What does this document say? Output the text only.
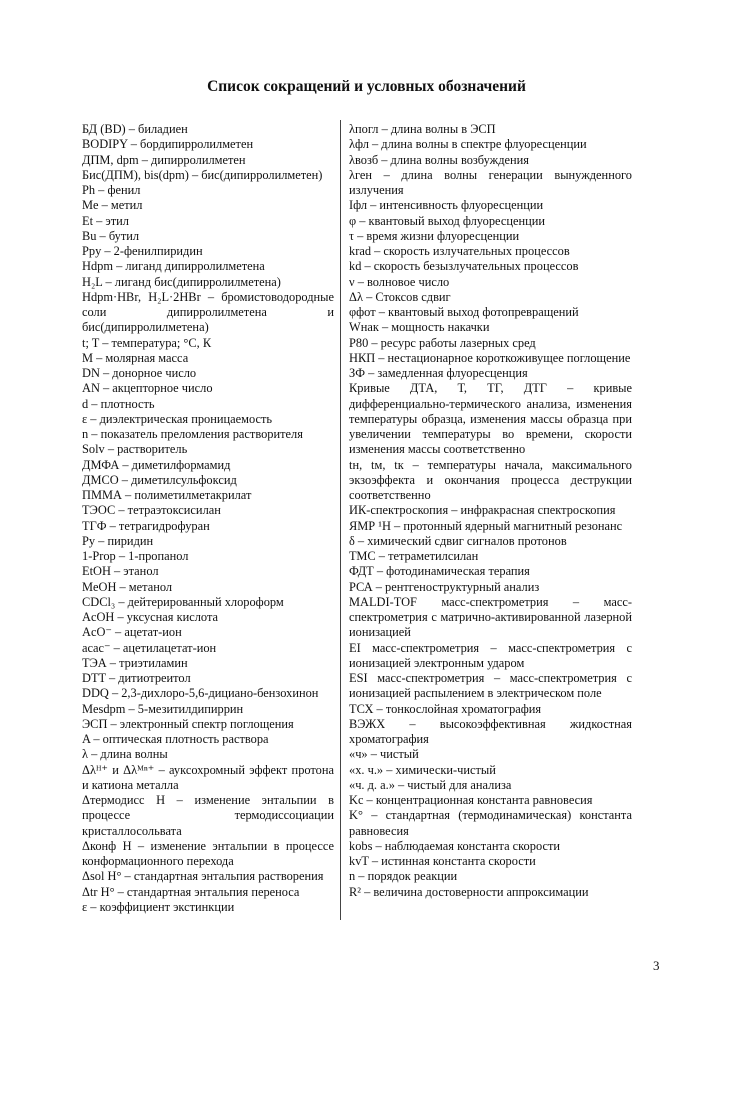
Список сокращений и условных обозначений
БД (BD) – биладиен
BODIPY – бордипирролилметен
ДПМ, dpm – дипирролилметен
Бис(ДПМ), bis(dpm) – бис(дипирролилметен)
Ph – фенил
Me – метил
Et – этил
Bu – бутил
Ppy – 2-фенилпиридин
Hdpm – лиганд дипирролилметена
H₂L – лиганд бис(дипирролилметена)
Hdpm·HBr, H₂L·2HBr – бромистоводородные соли дипирролилметена и бис(дипирролилметена)
t; T – температура; °С, К
M – молярная масса
DN – донорное число
AN – акцепторное число
d – плотность
ε – диэлектрическая проницаемость
n – показатель преломления растворителя
Solv – растворитель
ДМФА – диметилформамид
ДМСО – диметилсульфоксид
ПММА – полиметилметакрилат
ТЭОС – тетраэтоксисилан
ТГФ – тетрагидрофуран
Py – пиридин
1-Prop – 1-пропанол
EtOH – этанол
MeOH – метанол
CDCl₃ – дейтерированный хлороформ
AcOH – уксусная кислота
AcO⁻ – ацетат-ион
acac⁻ – ацетилацетат-ион
ТЭА – триэтиламин
DTT – дитиотреитол
DDQ – 2,3-дихлоро-5,6-дициано-бензохинон
Mesdpm – 5-мезитилдипиррин
ЭСП – электронный спектр поглощения
A – оптическая плотность раствора
λ – длина волны
Δλᴴ⁺ и Δλᴹⁿ⁺ – ауксохромный эффект протона и катиона металла
Δтермодисс H – изменение энтальпии в процессе термодиссоциации кристаллосольвата
Δконф H – изменение энтальпии в процессе конформационного перехода
Δsol H° – стандартная энтальпия растворения
Δtr H° – стандартная энтальпия переноса
ε – коэффициент экстинкции
λпогл – длина волны в ЭСП
λфл – длина волны в спектре флуоресценции
λвозб – длина волны возбуждения
λген – длина волны генерации вынужденного излучения
Iфл – интенсивность флуоресценции
φ – квантовый выход флуоресценции
τ – время жизни флуоресценции
krad – скорость излучательных процессов
kd – скорость безызлучательных процессов
ν – волновое число
Δλ – Стоксов сдвиг
φфот – квантовый выход фотопревращений
Wнак – мощность накачки
P80 – ресурс работы лазерных сред
НКП – нестационарное короткоживущее поглощение
ЗФ – замедленная флуоресценция
Кривые ДТА, Т, ТГ, ДТГ – кривые дифференциально-термического анализа, изменения температуры образца, изменения массы образца при увеличении температуры во времени, скорости изменения массы соответственно
tн, tм, tк – температуры начала, максимального экзоэффекта и окончания процесса деструкции соответственно
ИК-спектроскопия – инфракрасная спектроскопия
ЯМР ¹H – протонный ядерный магнитный резонанс
δ – химический сдвиг сигналов протонов
ТМС – тетраметилсилан
ФДТ – фотодинамическая терапия
РСА – рентгеноструктурный анализ
MALDI-TOF масс-спектрометрия – масс-спектрометрия с матрично-активированной лазерной ионизацией
EI масс-спектрометрия – масс-спектрометрия с ионизацией электронным ударом
ESI масс-спектрометрия – масс-спектрометрия с ионизацией распылением в электрическом поле
ТСХ – тонкослойная хроматография
ВЭЖХ – высокоэффективная жидкостная хроматография
«ч» – чистый
«х. ч.» – химически-чистый
«ч. д. а.» – чистый для анализа
Kс – концентрационная константа равновесия
K° – стандартная (термодинамическая) константа равновесия
kobs – наблюдаемая константа скорости
kvT – истинная константа скорости
n – порядок реакции
R² – величина достоверности аппроксимации
3
